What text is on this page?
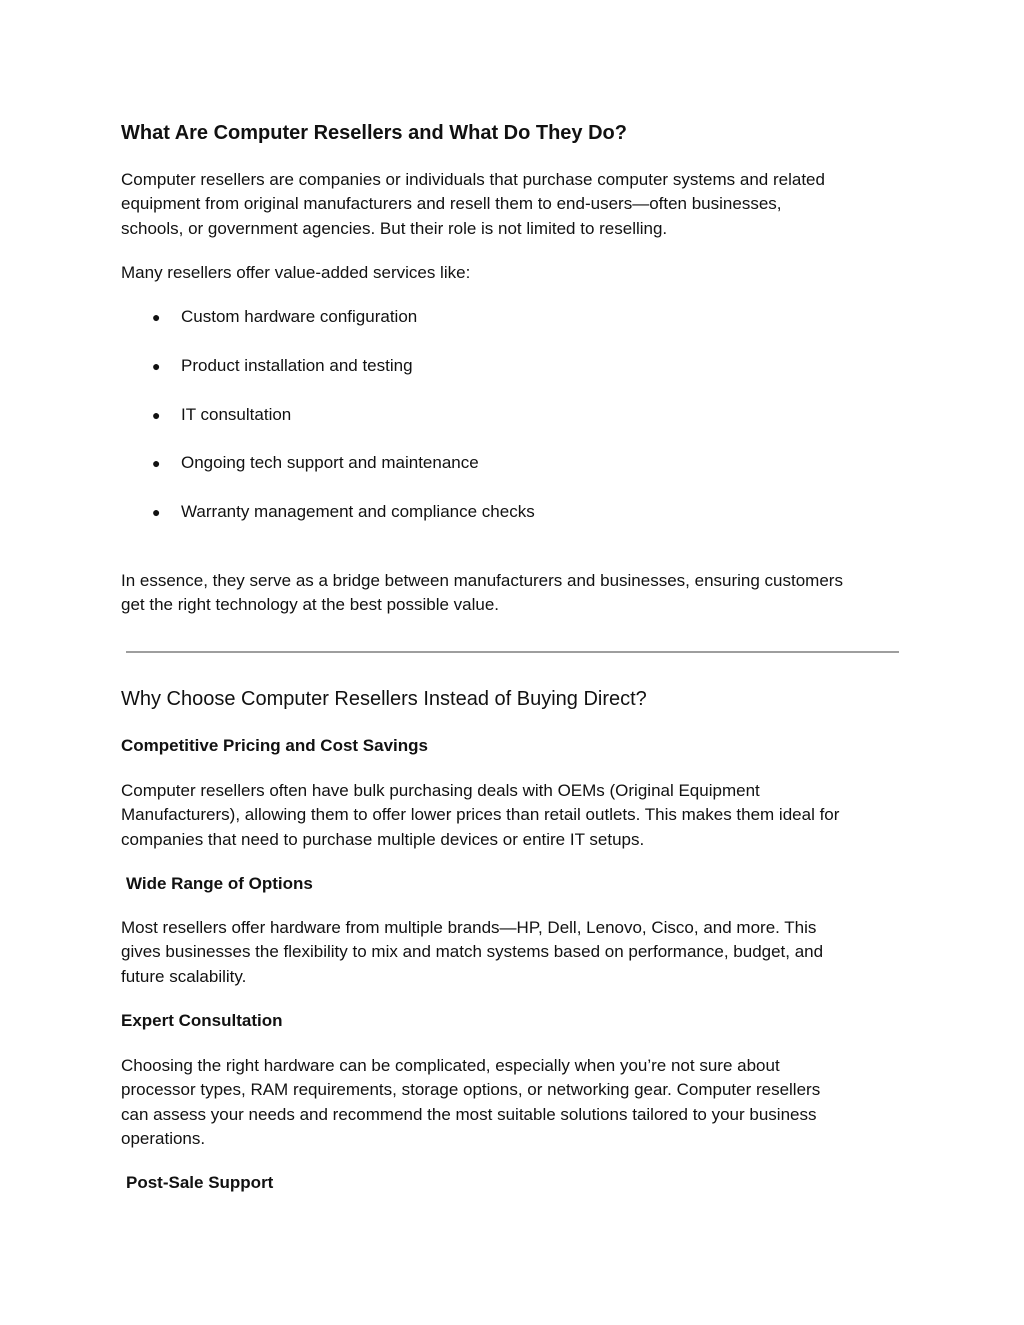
What Are Computer Resellers and What Do They Do?
Computer resellers are companies or individuals that purchase computer systems and related
equipment from original manufacturers and resell them to end-users—often businesses,
schools, or government agencies. But their role is not limited to reselling.
Many resellers offer value-added services like:
● Custom hardware configuration
● Product installation and testing
● IT consultation
● Ongoing tech support and maintenance
● Warranty management and compliance checks
In essence, they serve as a bridge between manufacturers and businesses, ensuring customers
get the right technology at the best possible value.
Why Choose Computer Resellers Instead of Buying Direct?
Competitive Pricing and Cost Savings
Computer resellers often have bulk purchasing deals with OEMs (Original Equipment
Manufacturers), allowing them to offer lower prices than retail outlets. This makes them ideal for
companies that need to purchase multiple devices or entire IT setups.
Wide Range of Options
Most resellers offer hardware from multiple brands—HP, Dell, Lenovo, Cisco, and more. This
gives businesses the flexibility to mix and match systems based on performance, budget, and
future scalability.
Expert Consultation
Choosing the right hardware can be complicated, especially when you’re not sure about
processor types, RAM requirements, storage options, or networking gear. Computer resellers
can assess your needs and recommend the most suitable solutions tailored to your business
operations.
Post-Sale Support
